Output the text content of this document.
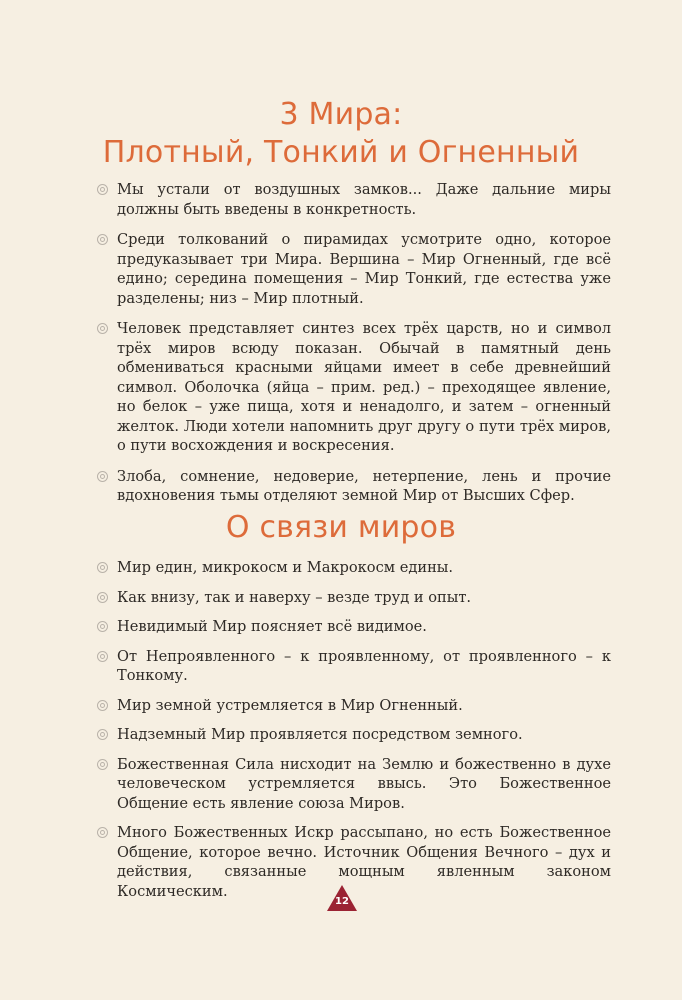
3 Мира:
Плотный, Тонкий и Огненный
Мы устали от воздушных замков... Даже дальние миры должны быть введены в конкретность.
Среди толкований о пирамидах усмотрите одно, которое предуказывает три Мира. Вершина – Мир Огненный, где всё едино; середина помещения – Мир Тонкий, где естества уже разделены; низ – Мир плотный.
Человек представляет синтез всех трёх царств, но и символ трёх миров всюду показан. Обычай в памятный день обмениваться красными яйцами имеет в себе древнейший символ. Оболочка (яйца – прим. ред.) – преходящее явление, но белок – уже пища, хотя и ненадолго, и затем – огненный желток. Люди хотели напомнить друг другу о пути трёх миров, о пути восхождения и воскресения.
Злоба, сомнение, недоверие, нетерпение, лень и прочие вдохновения тьмы отделяют земной Мир от Высших Сфер.
О связи миров
Мир един, микрокосм и Макрокосм едины.
Как внизу, так и наверху – везде труд и опыт.
Невидимый Мир поясняет всё видимое.
От Непроявленного – к проявленному, от проявленного – к Тонкому.
Мир земной устремляется в Мир Огненный.
Надземный Мир проявляется посредством земного.
Божественная Сила нисходит на Землю и божественно в духе человеческом устремляется ввысь. Это Божественное Общение есть явление союза Миров.
Много Божественных Искр рассыпано, но есть Божественное Общение, которое вечно. Источник Общения Вечного – дух и действия, связанные мощным явленным законом Космическим.
12
